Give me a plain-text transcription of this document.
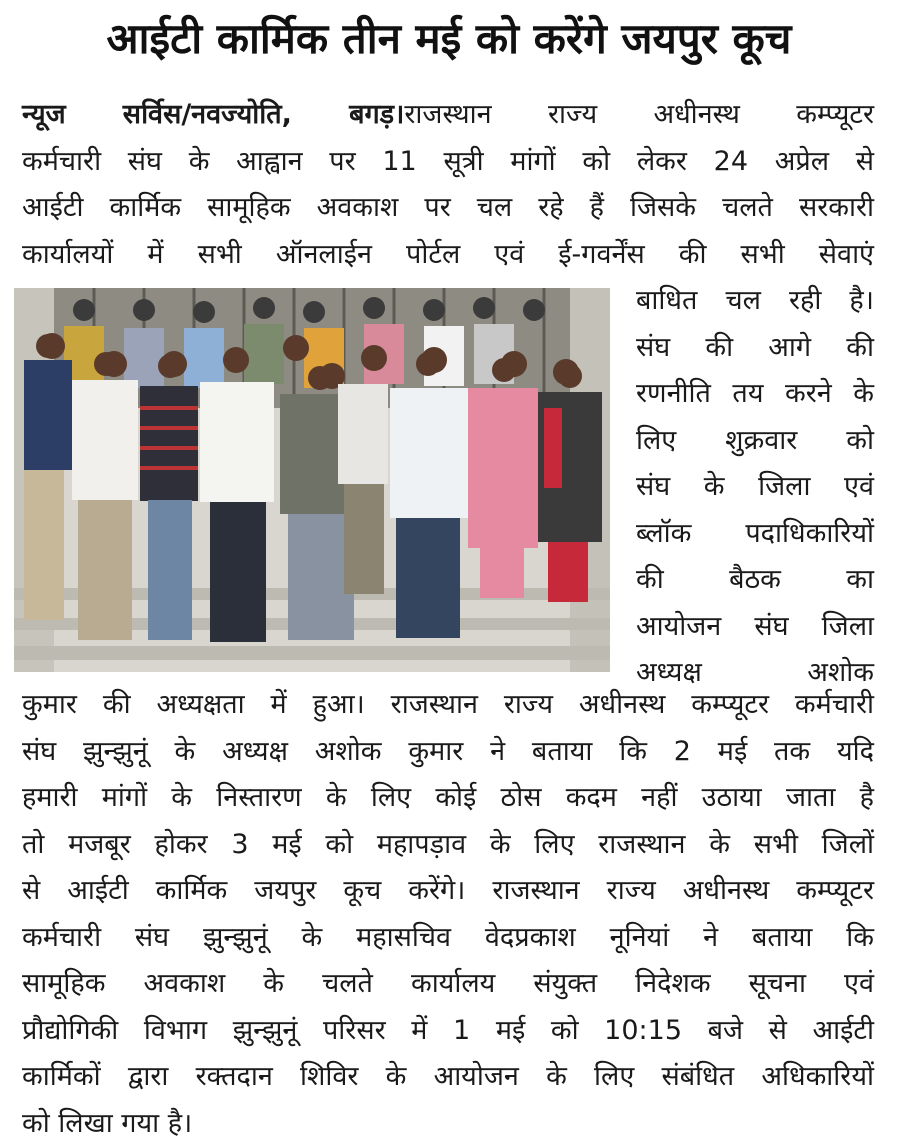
आईटी कार्मिक तीन मई को करेंगे जयपुर कूच
न्यूज सर्विस/नवज्योति, बगड़।राजस्थान राज्य अधीनस्थ कम्प्यूटर
कर्मचारी संघ के आह्वान पर 11 सूत्री मांगों को लेकर 24 अप्रेल से
आईटी कार्मिक सामूहिक अवकाश पर चल रहे हैं जिसके चलते सरकारी
कार्यालयों में सभी ऑनलाईन पोर्टल एवं ई-गवर्नेंस की सभी सेवाएं
बाधित चल रही है।
संघ की आगे की
रणनीति तय करने के
लिए शुक्रवार को
संघ के जिला एवं
ब्लॉक पदाधिकारियों
की बैठक का
आयोजन संघ जिला
अध्यक्ष अशोक
कुमार की अध्यक्षता में हुआ। राजस्थान राज्य अधीनस्थ कम्प्यूटर कर्मचारी
संघ झुन्झुनूं के अध्यक्ष अशोक कुमार ने बताया कि 2 मई तक यदि
हमारी मांगों के निस्तारण के लिए कोई ठोस कदम नहीं उठाया जाता है
तो मजबूर होकर 3 मई को महापड़ाव के लिए राजस्थान के सभी जिलों
से आईटी कार्मिक जयपुर कूच करेंगे। राजस्थान राज्य अधीनस्थ कम्प्यूटर
कर्मचारी संघ झुन्झुनूं के महासचिव वेदप्रकाश नूनियां ने बताया कि
सामूहिक अवकाश के चलते कार्यालय संयुक्त निदेशक सूचना एवं
प्रौद्योगिकी विभाग झुन्झुनूं परिसर में 1 मई को 10:15 बजे से आईटी
कार्मिकों द्वारा रक्तदान शिविर के आयोजन के लिए संबंधित अधिकारियों
को लिखा गया है।
